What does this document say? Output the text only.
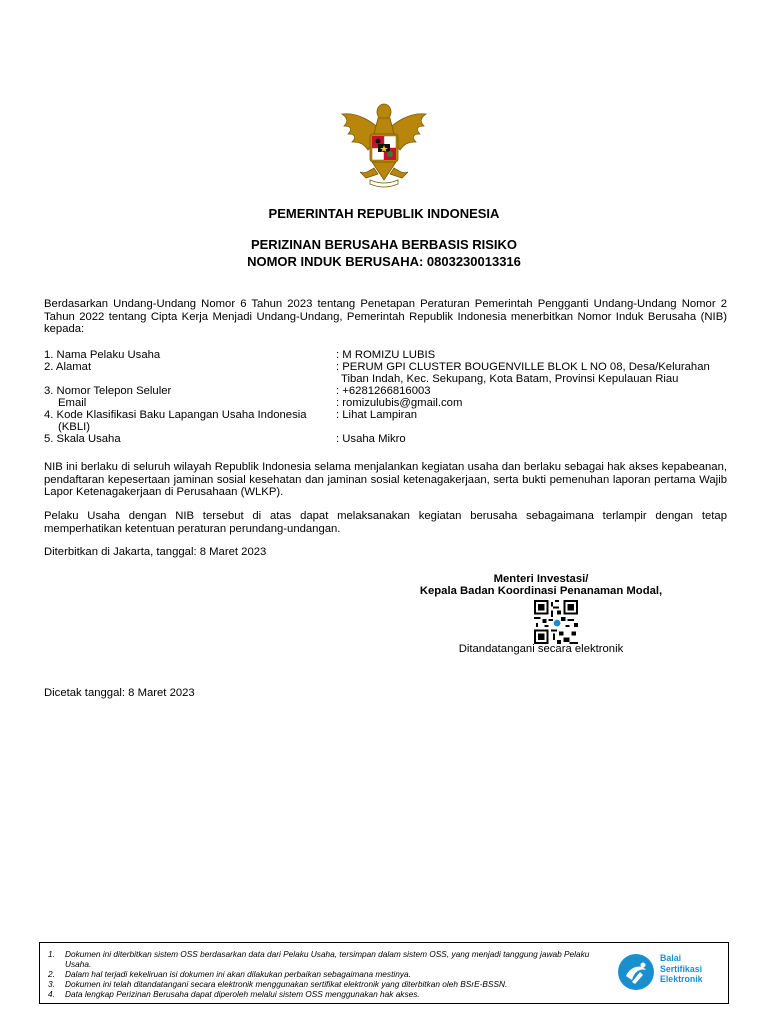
PEMERINTAH REPUBLIK INDONESIA
PERIZINAN BERUSAHA BERBASIS RISIKO
NOMOR INDUK BERUSAHA: 0803230013316
Berdasarkan Undang-Undang Nomor 6 Tahun 2023 tentang Penetapan Peraturan Pemerintah Pengganti Undang-Undang Nomor 2 Tahun 2022 tentang Cipta Kerja Menjadi Undang-Undang, Pemerintah Republik Indonesia menerbitkan Nomor Induk Berusaha (NIB) kepada:
1. Nama Pelaku Usaha	: M ROMIZU LUBIS
2. Alamat	: PERUM GPI CLUSTER BOUGENVILLE BLOK L NO 08, Desa/Kelurahan
Tiban Indah, Kec. Sekupang, Kota Batam, Provinsi Kepulauan Riau
3. Nomor Telepon Seluler	: +6281266816003
Email	: romizulubis@gmail.com
4. Kode Klasifikasi Baku Lapangan Usaha Indonesia	: Lihat Lampiran
(KBLI)
5. Skala Usaha	: Usaha Mikro
NIB ini berlaku di seluruh wilayah Republik Indonesia selama menjalankan kegiatan usaha dan berlaku sebagai hak akses kepabeanan, pendaftaran kepesertaan jaminan sosial kesehatan dan jaminan sosial ketenagakerjaan, serta bukti pemenuhan laporan pertama Wajib Lapor Ketenagakerjaan di Perusahaan (WLKP).
Pelaku Usaha dengan NIB tersebut di atas dapat melaksanakan kegiatan berusaha sebagaimana terlampir dengan tetap memperhatikan ketentuan peraturan perundang-undangan.
Diterbitkan di Jakarta, tanggal: 8 Maret 2023
Menteri Investasi/
Kepala Badan Koordinasi Penanaman Modal,
Ditandatangani secara elektronik
Dicetak tanggal: 8 Maret 2023
1. Dokumen ini diterbitkan sistem OSS berdasarkan data dari Pelaku Usaha, tersimpan dalam sistem OSS, yang menjadi tanggung jawab Pelaku Usaha.
2. Dalam hal terjadi kekeliruan isi dokumen ini akan dilakukan perbaikan sebagaimana mestinya.
3. Dokumen ini telah ditandatangani secara elektronik menggunakan sertifikat elektronik yang diterbitkan oleh BSrE-BSSN.
4. Data lengkap Perizinan Berusaha dapat diperoleh melalui sistem OSS menggunakan hak akses.
Balai
Sertifikasi
Elektronik
